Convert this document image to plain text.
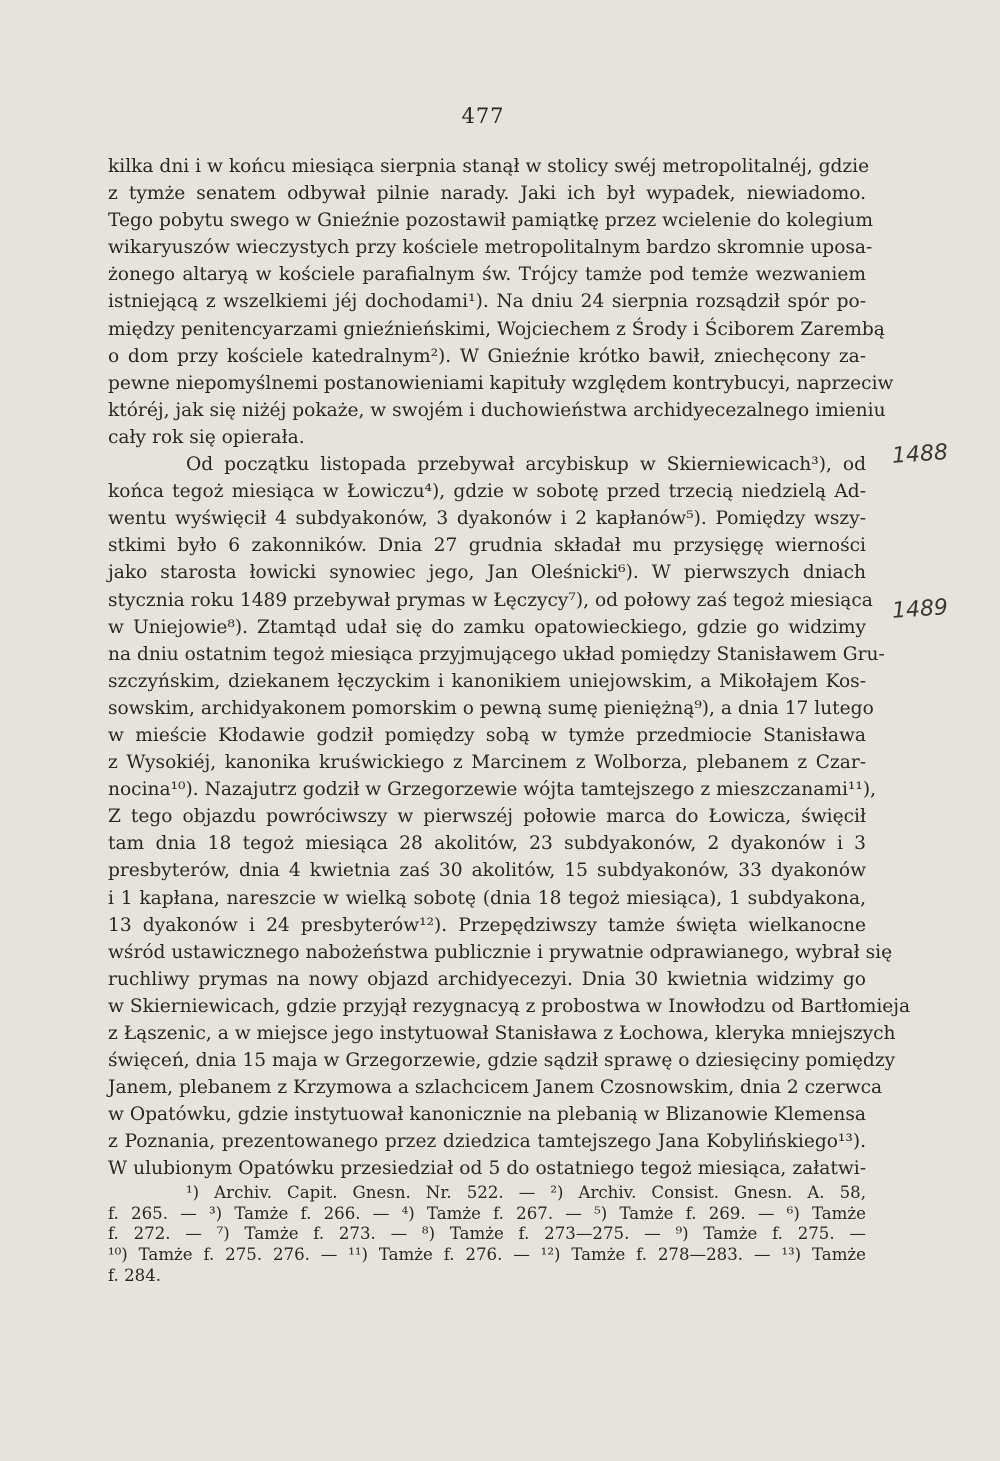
477
kilka dni i w końcu miesiąca sierpnia stanął w stolicy swéj metropolitalnéj, gdzie
z tymże senatem odbywał pilnie narady. Jaki ich był wypadek, niewiadomo.
Tego pobytu swego w Gnieźnie pozostawił pamiątkę przez wcielenie do kolegium
wikaryuszów wieczystych przy kościele metropolitalnym bardzo skromnie uposa-
żonego altaryą w kościele parafialnym św. Trójcy tamże pod temże wezwaniem
istniejącą z wszelkiemi jéj dochodami¹). Na dniu 24 sierpnia rozsądził spór po-
między penitencyarzami gnieźnieńskimi, Wojciechem z Środy i Ściborem Zarembą
o dom przy kościele katedralnym²). W Gnieźnie krótko bawił, zniechęcony za-
pewne niepomyślnemi postanowieniami kapituły względem kontrybucyi, naprzeciw
któréj, jak się niżéj pokaże, w swojém i duchowieństwa archidyecezalnego imieniu
cały rok się opierała.
Od początku listopada przebywał arcybiskup w Skierniewicach³), od
końca tegoż miesiąca w Łowiczu⁴), gdzie w sobotę przed trzecią niedzielą Ad-
wentu wyświęcił 4 subdyakonów, 3 dyakonów i 2 kapłanów⁵). Pomiędzy wszy-
stkimi było 6 zakonników. Dnia 27 grudnia składał mu przysięgę wierności
jako starosta łowicki synowiec jego, Jan Oleśnicki⁶). W pierwszych dniach
stycznia roku 1489 przebywał prymas w Łęczycy⁷), od połowy zaś tegoż miesiąca
w Uniejowie⁸). Ztamtąd udał się do zamku opatowieckiego, gdzie go widzimy
na dniu ostatnim tegoż miesiąca przyjmującego układ pomiędzy Stanisławem Gru-
szczyńskim, dziekanem łęczyckim i kanonikiem uniejowskim, a Mikołajem Kos-
sowskim, archidyakonem pomorskim o pewną sumę pieniężną⁹), a dnia 17 lutego
w mieście Kłodawie godził pomiędzy sobą w tymże przedmiocie Stanisława
z Wysokiéj, kanonika kruświckiego z Marcinem z Wolborza, plebanem z Czar-
nocina¹⁰). Nazajutrz godził w Grzegorzewie wójta tamtejszego z mieszczanami¹¹),
Z tego objazdu powróciwszy w pierwszéj połowie marca do Łowicza, święcił
tam dnia 18 tegoż miesiąca 28 akolitów, 23 subdyakonów, 2 dyakonów i 3
presbyterów, dnia 4 kwietnia zaś 30 akolitów, 15 subdyakonów, 33 dyakonów
i 1 kapłana, nareszcie w wielką sobotę (dnia 18 tegoż miesiąca), 1 subdyakona,
13 dyakonów i 24 presbyterów¹²). Przepędziwszy tamże święta wielkanocne
wśród ustawicznego nabożeństwa publicznie i prywatnie odprawianego, wybrał się
ruchliwy prymas na nowy objazd archidyecezyi. Dnia 30 kwietnia widzimy go
w Skierniewicach, gdzie przyjął rezygnacyą z probostwa w Inowłodzu od Bartłomieja
z Łąszenic, a w miejsce jego instytuował Stanisława z Łochowa, kleryka mniejszych
święceń, dnia 15 maja w Grzegorzewie, gdzie sądził sprawę o dziesięciny pomiędzy
Janem, plebanem z Krzymowa a szlachcicem Janem Czosnowskim, dnia 2 czerwca
w Opatówku, gdzie instytuował kanonicznie na plebanią w Blizanowie Klemensa
z Poznania, prezentowanego przez dziedzica tamtejszego Jana Kobylińskiego¹³).
W ulubionym Opatówku przesiedział od 5 do ostatniego tegoż miesiąca, załatwi-
¹) Archiv. Capit. Gnesn. Nr. 522. — ²) Archiv. Consist. Gnesn. A. 58,
f. 265. — ³) Tamże f. 266. — ⁴) Tamże f. 267. — ⁵) Tamże f. 269. — ⁶) Tamże
f. 272. — ⁷) Tamże f. 273. — ⁸) Tamże f. 273—275. — ⁹) Tamże f. 275. —
¹⁰) Tamże f. 275. 276. — ¹¹) Tamże f. 276. — ¹²) Tamże f. 278—283. — ¹³) Tamże
f. 284.
1488
1489
